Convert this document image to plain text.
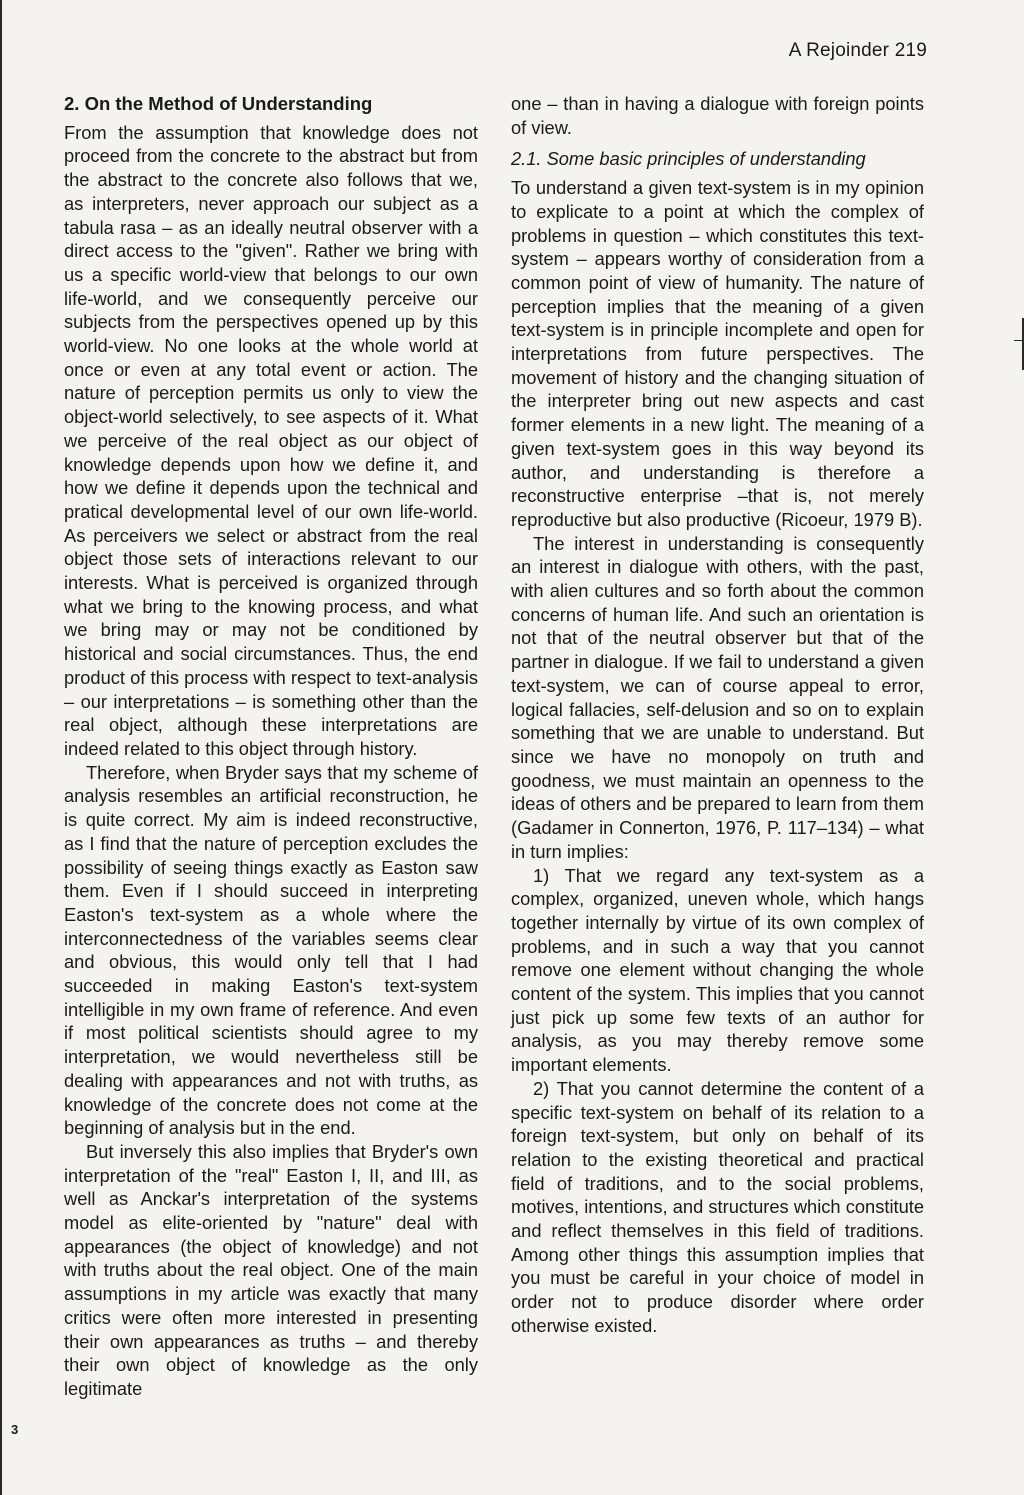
A Rejoinder 219
2. On the Method of Understanding

From the assumption that knowledge does not proceed from the concrete to the abstract but from the abstract to the concrete also follows that we, as interpreters, never approach our subject as a tabula rasa – as an ideally neutral observer with a direct access to the "given". Rather we bring with us a specific world-view that belongs to our own life-world, and we consequently perceive our subjects from the perspectives opened up by this world-view. No one looks at the whole world at once or even at any total event or action. The nature of perception permits us only to view the object-world selectively, to see aspects of it. What we perceive of the real object as our object of knowledge depends upon how we define it, and how we define it depends upon the technical and pratical developmental level of our own life-world. As perceivers we select or abstract from the real object those sets of interactions relevant to our interests. What is perceived is organized through what we bring to the knowing process, and what we bring may or may not be conditioned by historical and social circumstances. Thus, the end product of this process with respect to text-analysis – our interpretations – is something other than the real object, although these interpretations are indeed related to this object through history.

Therefore, when Bryder says that my scheme of analysis resembles an artificial reconstruction, he is quite correct. My aim is indeed reconstructive, as I find that the nature of perception excludes the possibility of seeing things exactly as Easton saw them. Even if I should succeed in interpreting Easton's text-system as a whole where the interconnectedness of the variables seems clear and obvious, this would only tell that I had succeeded in making Easton's text-system intelligible in my own frame of reference. And even if most political scientists should agree to my interpretation, we would nevertheless still be dealing with appearances and not with truths, as knowledge of the concrete does not come at the beginning of analysis but in the end.

But inversely this also implies that Bryder's own interpretation of the "real" Easton I, II, and III, as well as Anckar's interpretation of the systems model as elite-oriented by "nature" deal with appearances (the object of knowledge) and not with truths about the real object. One of the main assumptions in my article was exactly that many critics were often more interested in presenting their own appearances as truths – and thereby their own object of knowledge as the only legitimate

one – than in having a dialogue with foreign points of view.

2.1. Some basic principles of understanding

To understand a given text-system is in my opinion to explicate to a point at which the complex of problems in question – which constitutes this text-system – appears worthy of consideration from a common point of view of humanity. The nature of perception implies that the meaning of a given text-system is in principle incomplete and open for interpretations from future perspectives. The movement of history and the changing situation of the interpreter bring out new aspects and cast former elements in a new light. The meaning of a given text-system goes in this way beyond its author, and understanding is therefore a reconstructive enterprise –that is, not merely reproductive but also productive (Ricoeur, 1979 B).

The interest in understanding is consequently an interest in dialogue with others, with the past, with alien cultures and so forth about the common concerns of human life. And such an orientation is not that of the neutral observer but that of the partner in dialogue. If we fail to understand a given text-system, we can of course appeal to error, logical fallacies, self-delusion and so on to explain something that we are unable to understand. But since we have no monopoly on truth and goodness, we must maintain an openness to the ideas of others and be prepared to learn from them (Gadamer in Connerton, 1976, P. 117–134) – what in turn implies:

1) That we regard any text-system as a complex, organized, uneven whole, which hangs together internally by virtue of its own complex of problems, and in such a way that you cannot remove one element without changing the whole content of the system. This implies that you cannot just pick up some few texts of an author for analysis, as you may thereby remove some important elements.

2) That you cannot determine the content of a specific text-system on behalf of its relation to a foreign text-system, but only on behalf of its relation to the existing theoretical and practical field of traditions, and to the social problems, motives, intentions, and structures which constitute and reflect themselves in this field of traditions. Among other things this assumption implies that you must be careful in your choice of model in order not to produce disorder where order otherwise existed.

3
